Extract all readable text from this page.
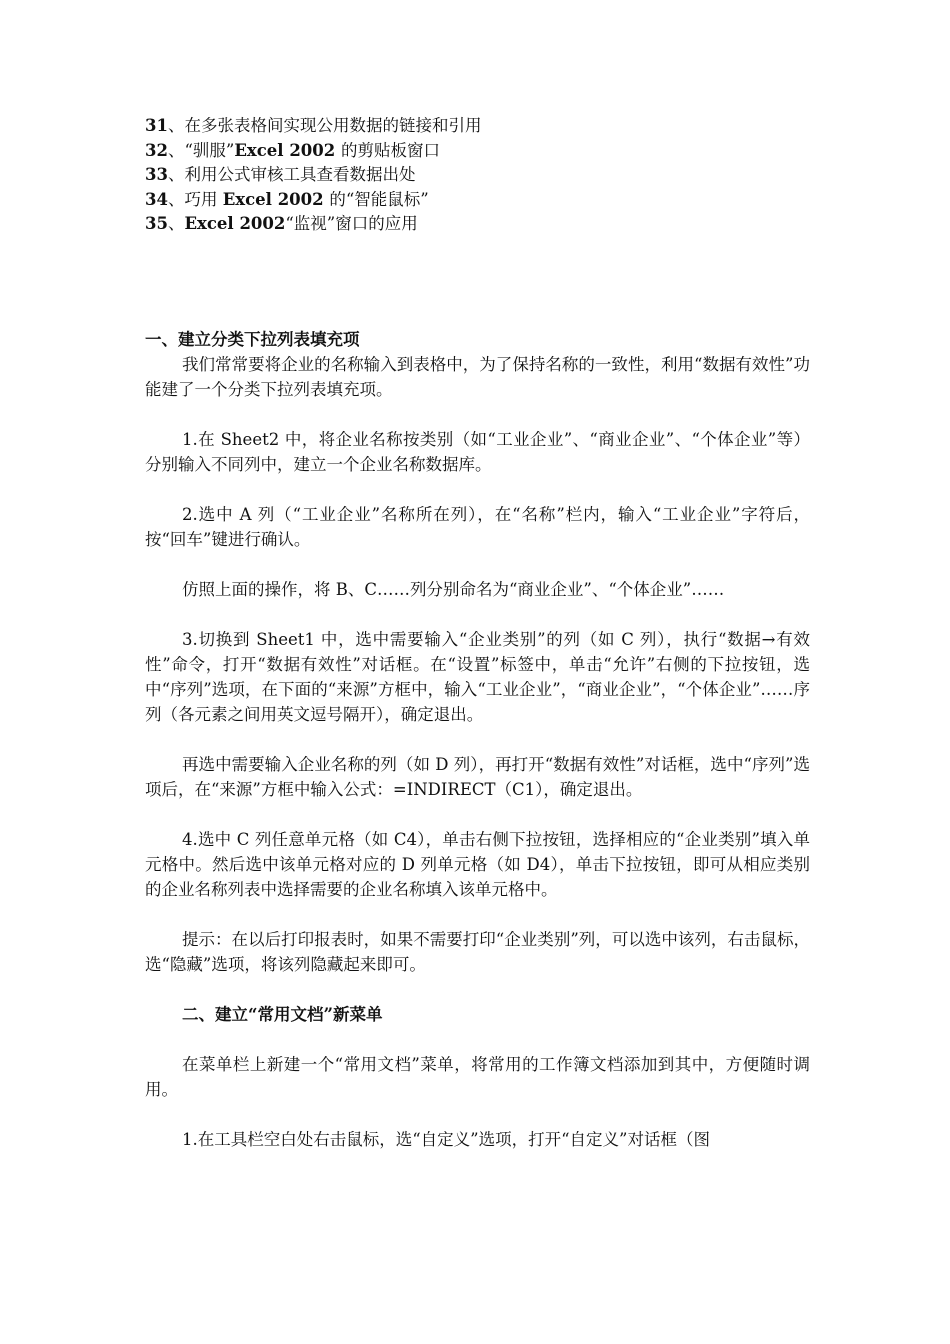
31、在多张表格间实现公用数据的链接和引用
32、“驯服”Excel 2002 的剪贴板窗口
33、利用公式审核工具查看数据出处
34、巧用 Excel 2002 的“智能鼠标”
35、Excel 2002“监视”窗口的应用
一、建立分类下拉列表填充项
我们常常要将企业的名称输入到表格中，为了保持名称的一致性，利用“数据有效性”功能建了一个分类下拉列表填充项。
1.在 Sheet2 中，将企业名称按类别（如“工业企业”、“商业企业”、“个体企业”等）分别输入不同列中，建立一个企业名称数据库。
2.选中 A 列（“工业企业”名称所在列），在“名称”栏内，输入“工业企业”字符后，按“回车”键进行确认。
仿照上面的操作，将 B、C……列分别命名为“商业企业”、“个体企业”……
3.切换到 Sheet1 中，选中需要输入“企业类别”的列（如 C 列），执行“数据→有效性”命令，打开“数据有效性”对话框。在“设置”标签中，单击“允许”右侧的下拉按钮，选中“序列”选项，在下面的“来源”方框中，输入“工业企业”，“商业企业”，“个体企业”……序列（各元素之间用英文逗号隔开），确定退出。
再选中需要输入企业名称的列（如 D 列），再打开“数据有效性”对话框，选中“序列”选项后，在“来源”方框中输入公式：=INDIRECT（C1），确定退出。
4.选中 C 列任意单元格（如 C4），单击右侧下拉按钮，选择相应的“企业类别”填入单元格中。然后选中该单元格对应的 D 列单元格（如 D4），单击下拉按钮，即可从相应类别的企业名称列表中选择需要的企业名称填入该单元格中。
提示：在以后打印报表时，如果不需要打印“企业类别”列，可以选中该列，右击鼠标，选“隐藏”选项，将该列隐藏起来即可。
二、建立“常用文档”新菜单
在菜单栏上新建一个“常用文档”菜单，将常用的工作簿文档添加到其中，方便随时调用。
1.在工具栏空白处右击鼠标，选“自定义”选项，打开“自定义”对话框（图
